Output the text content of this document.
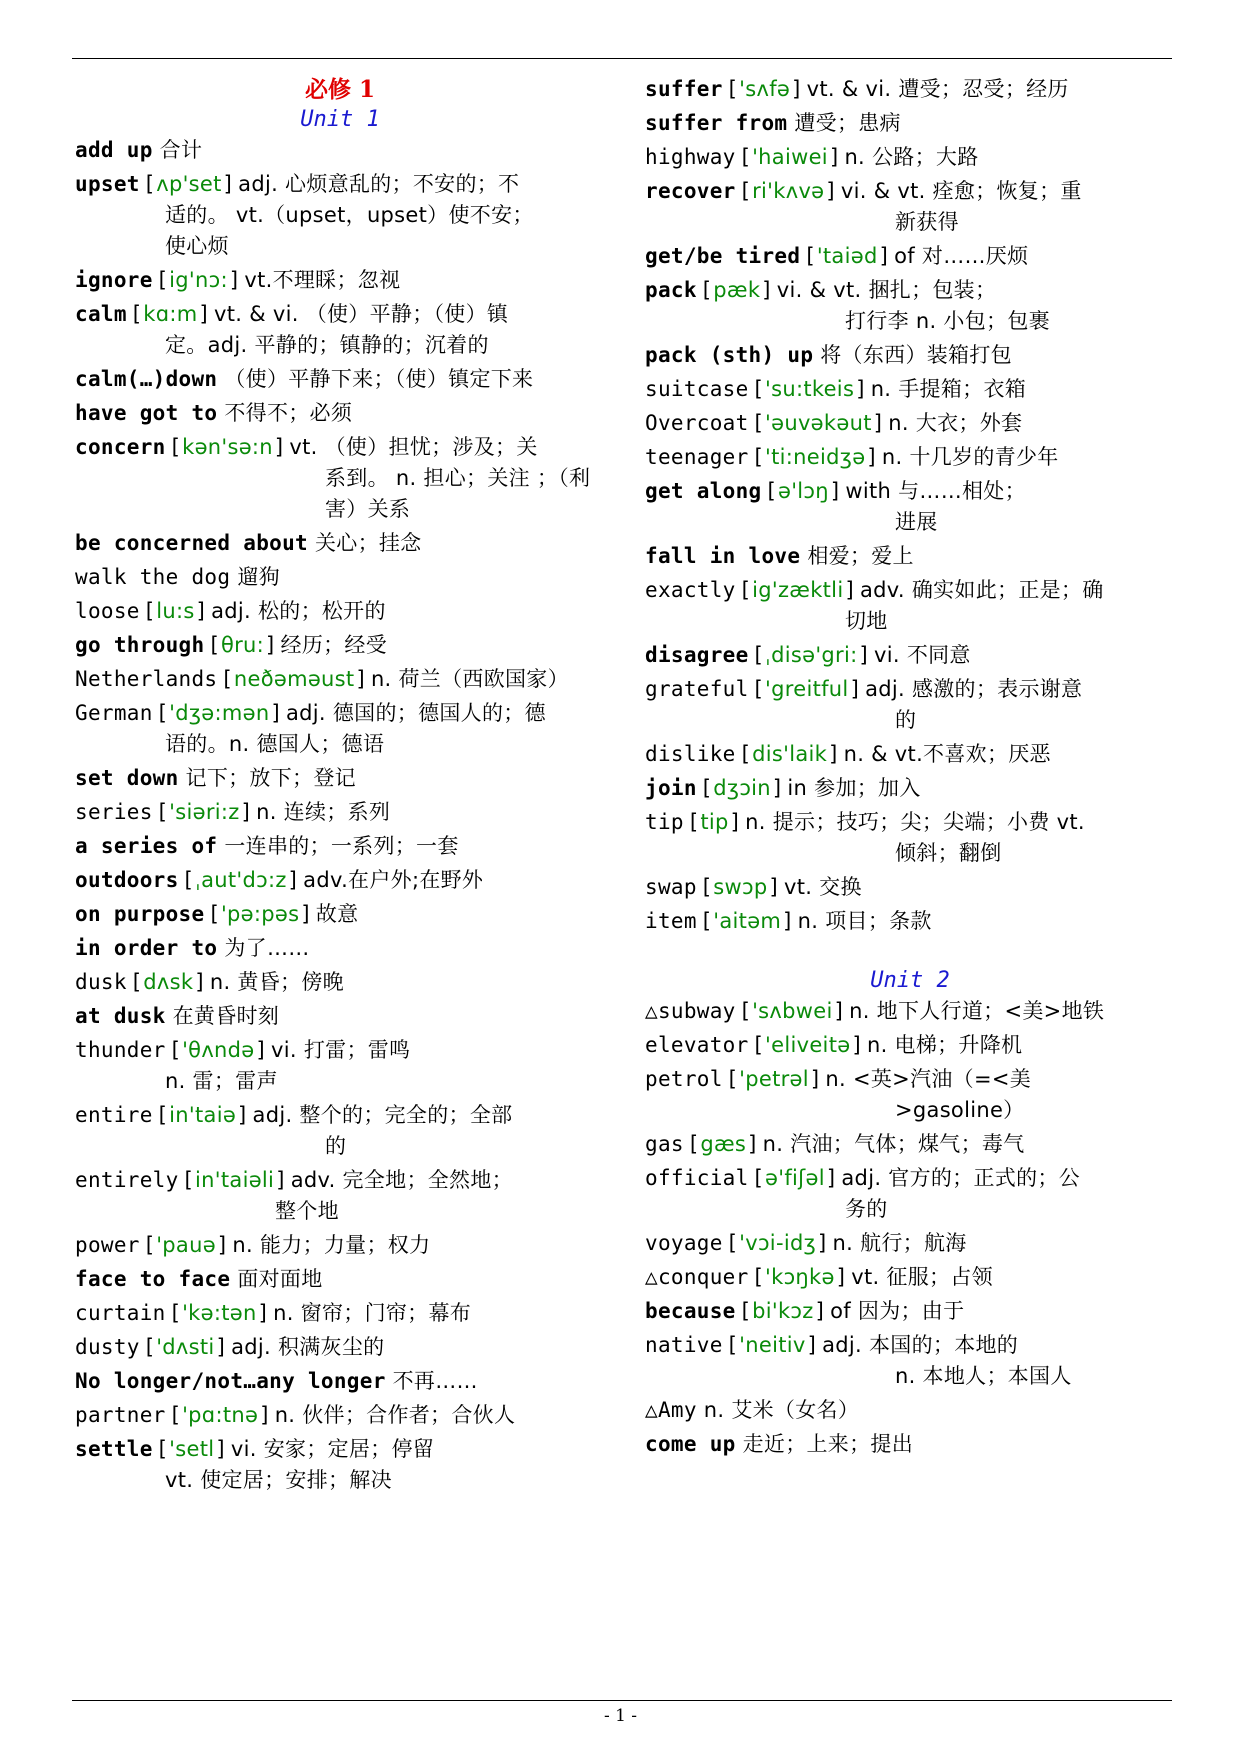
必修 1

Unit 1

add up 合计

upset [ ʌp'set ] adj. 心烦意乱的；不安的；不
适的。 vt.（upset，upset）使不安；
使心烦

ignore [ ig'nɔ: ] vt.不理睬；忽视

calm [ kɑ:m ] vt. & vi. （使）平静；（使）镇
定。adj. 平静的；镇静的；沉着的

calm(…)down （使）平静下来；（使）镇定下来

have got to 不得不；必须

concern [ kən'sə:n ] vt. （使）担忧；涉及；关
系到。 n. 担心；关注 ；（利
害）关系

be concerned about 关心；挂念

walk the dog 遛狗

loose [ lu:s ] adj. 松的；松开的

go through [ θru: ] 经历；经受

Netherlands [ neðəməust ] n. 荷兰（西欧国家）

German [ 'dʒə:mən ] adj. 德国的；德国人的；德
语的。n. 德国人；德语

set down 记下；放下；登记

series [ 'siəri:z ] n. 连续；系列

a series of 一连串的；一系列；一套

outdoors [ ˌaut'dɔ:z ] adv.在户外;在野外

on purpose [ 'pə:pəs ] 故意

in order to 为了……

dusk [ dʌsk ] n. 黄昏；傍晚

at dusk 在黄昏时刻

thunder [ 'θʌndə ] vi. 打雷；雷鸣
n. 雷；雷声

entire [ in'taiə ] adj. 整个的；完全的；全部
的

entirely [ in'taiəli ] adv. 完全地；全然地；
整个地

power [ 'pauə ] n. 能力；力量；权力

face to face 面对面地

curtain [ 'kə:tən ] n. 窗帘；门帘；幕布

dusty [ 'dʌsti ] adj. 积满灰尘的

No longer/not…any longer 不再……

partner [ 'pɑ:tnə ] n. 伙伴；合作者；合伙人

settle [ 'setl ] vi. 安家；定居；停留
vt. 使定居；安排；解决

suffer [ 'sʌfə ] vt. & vi. 遭受；忍受；经历

suffer from 遭受；患病

highway [ 'haiwei ] n. 公路；大路

recover [ ri'kʌvə ] vi. & vt. 痊愈；恢复；重
新获得

get/be tired [ 'taiəd ] of 对……厌烦

pack [ pæk ] vi. & vt. 捆扎；包装；
打行李 n. 小包；包裹

pack (sth) up 将（东西）装箱打包

suitcase [ 'su:tkeis ] n. 手提箱；衣箱

Overcoat [ 'əuvəkəut ] n. 大衣；外套

teenager [ 'ti:neidʒə ] n. 十几岁的青少年

get along [ ə'lɔŋ ] with 与……相处；
进展

fall in love 相爱；爱上

exactly [ ig'zæktli ] adv. 确实如此；正是；确
切地

disagree [ ˌdisə'gri: ] vi. 不同意

grateful [ 'greitful ] adj. 感激的；表示谢意
的

dislike [ dis'laik ] n. & vt.不喜欢；厌恶

join [ dʒɔin ] in 参加；加入

tip [ tip ] n. 提示；技巧；尖；尖端；小费 vt.
倾斜；翻倒

swap [ swɔp ] vt. 交换

item [ 'aitəm ] n. 项目；条款

Unit 2

△subway [ 'sʌbwei ] n. 地下人行道；<美>地铁

elevator [ 'eliveitə ] n. 电梯；升降机

petrol [ 'petrəl ] n. <英>汽油（=<美
>gasoline）

gas [ gæs ] n. 汽油；气体；煤气；毒气

official [ ə'fiʃəl ] adj. 官方的；正式的；公
务的

voyage [ 'vɔi-idʒ ] n. 航行；航海

△conquer [ 'kɔŋkə ] vt. 征服；占领

because [ bi'kɔz ] of 因为；由于

native [ 'neitiv ] adj. 本国的；本地的
n. 本地人；本国人

△Amy n. 艾米（女名）

come up 走近；上来；提出

- 1 -
